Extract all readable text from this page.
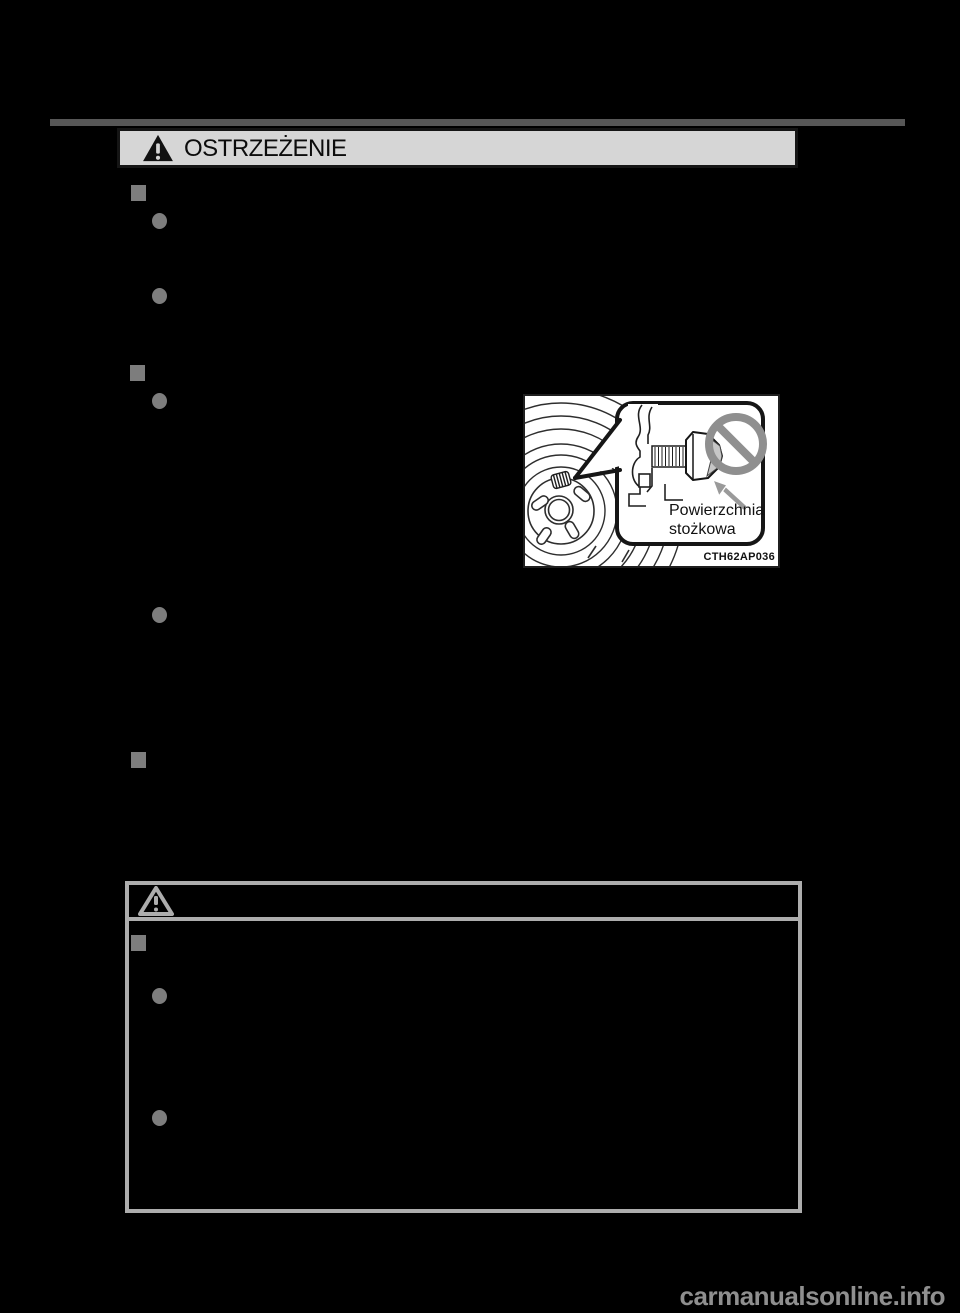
OSTRZEŻENIE
Powierzchnia
stożkowa
CTH62AP036
carmanualsonline.info
